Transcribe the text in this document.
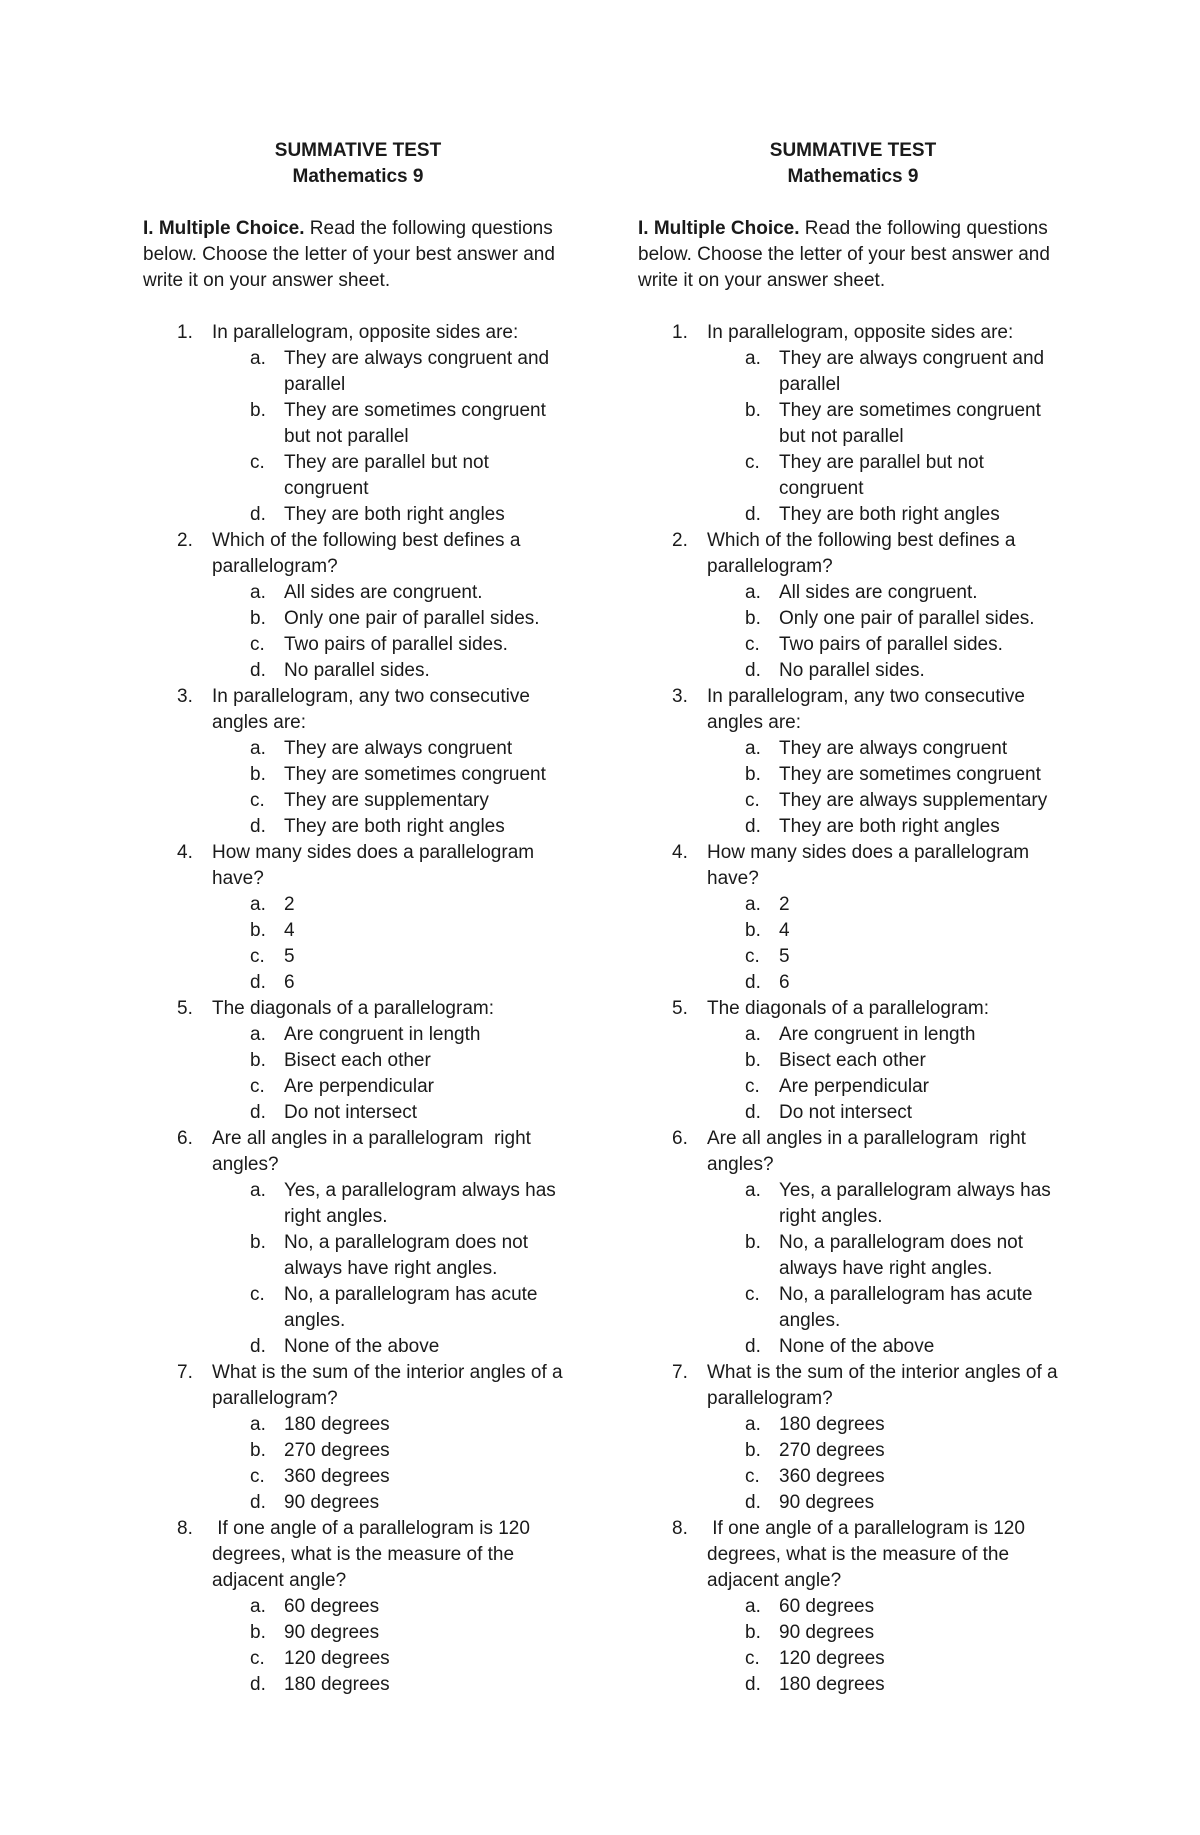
SUMMATIVE TEST
Mathematics 9
I. Multiple Choice. Read the following questions below. Choose the letter of your best answer and write it on your answer sheet.
1. In parallelogram, opposite sides are:
a. They are always congruent and parallel
b. They are sometimes congruent but not parallel
c. They are parallel but not congruent
d. They are both right angles
2. Which of the following best defines a parallelogram?
a. All sides are congruent.
b. Only one pair of parallel sides.
c. Two pairs of parallel sides.
d. No parallel sides.
3. In parallelogram, any two consecutive angles are:
a. They are always congruent
b. They are sometimes congruent
c. They are supplementary
d. They are both right angles
4. How many sides does a parallelogram have?
a. 2
b. 4
c. 5
d. 6
5. The diagonals of a parallelogram:
a. Are congruent in length
b. Bisect each other
c. Are perpendicular
d. Do not intersect
6. Are all angles in a parallelogram  right angles?
a. Yes, a parallelogram always has right angles.
b. No, a parallelogram does not always have right angles.
c. No, a parallelogram has acute angles.
d. None of the above
7. What is the sum of the interior angles of a parallelogram?
a. 180 degrees
b. 270 degrees
c. 360 degrees
d. 90 degrees
8. If one angle of a parallelogram is 120 degrees, what is the measure of the adjacent angle?
a. 60 degrees
b. 90 degrees
c. 120 degrees
d. 180 degrees
SUMMATIVE TEST
Mathematics 9
I. Multiple Choice. Read the following questions below. Choose the letter of your best answer and write it on your answer sheet.
1. In parallelogram, opposite sides are:
a. They are always congruent and parallel
b. They are sometimes congruent but not parallel
c. They are parallel but not congruent
d. They are both right angles
2. Which of the following best defines a parallelogram?
a. All sides are congruent.
b. Only one pair of parallel sides.
c. Two pairs of parallel sides.
d. No parallel sides.
3. In parallelogram, any two consecutive angles are:
a. They are always congruent
b. They are sometimes congruent
c. They are always supplementary
d. They are both right angles
4. How many sides does a parallelogram have?
a. 2
b. 4
c. 5
d. 6
5. The diagonals of a parallelogram:
a. Are congruent in length
b. Bisect each other
c. Are perpendicular
d. Do not intersect
6. Are all angles in a parallelogram  right angles?
a. Yes, a parallelogram always has right angles.
b. No, a parallelogram does not always have right angles.
c. No, a parallelogram has acute angles.
d. None of the above
7. What is the sum of the interior angles of a parallelogram?
a. 180 degrees
b. 270 degrees
c. 360 degrees
d. 90 degrees
8. If one angle of a parallelogram is 120 degrees, what is the measure of the adjacent angle?
a. 60 degrees
b. 90 degrees
c. 120 degrees
d. 180 degrees
